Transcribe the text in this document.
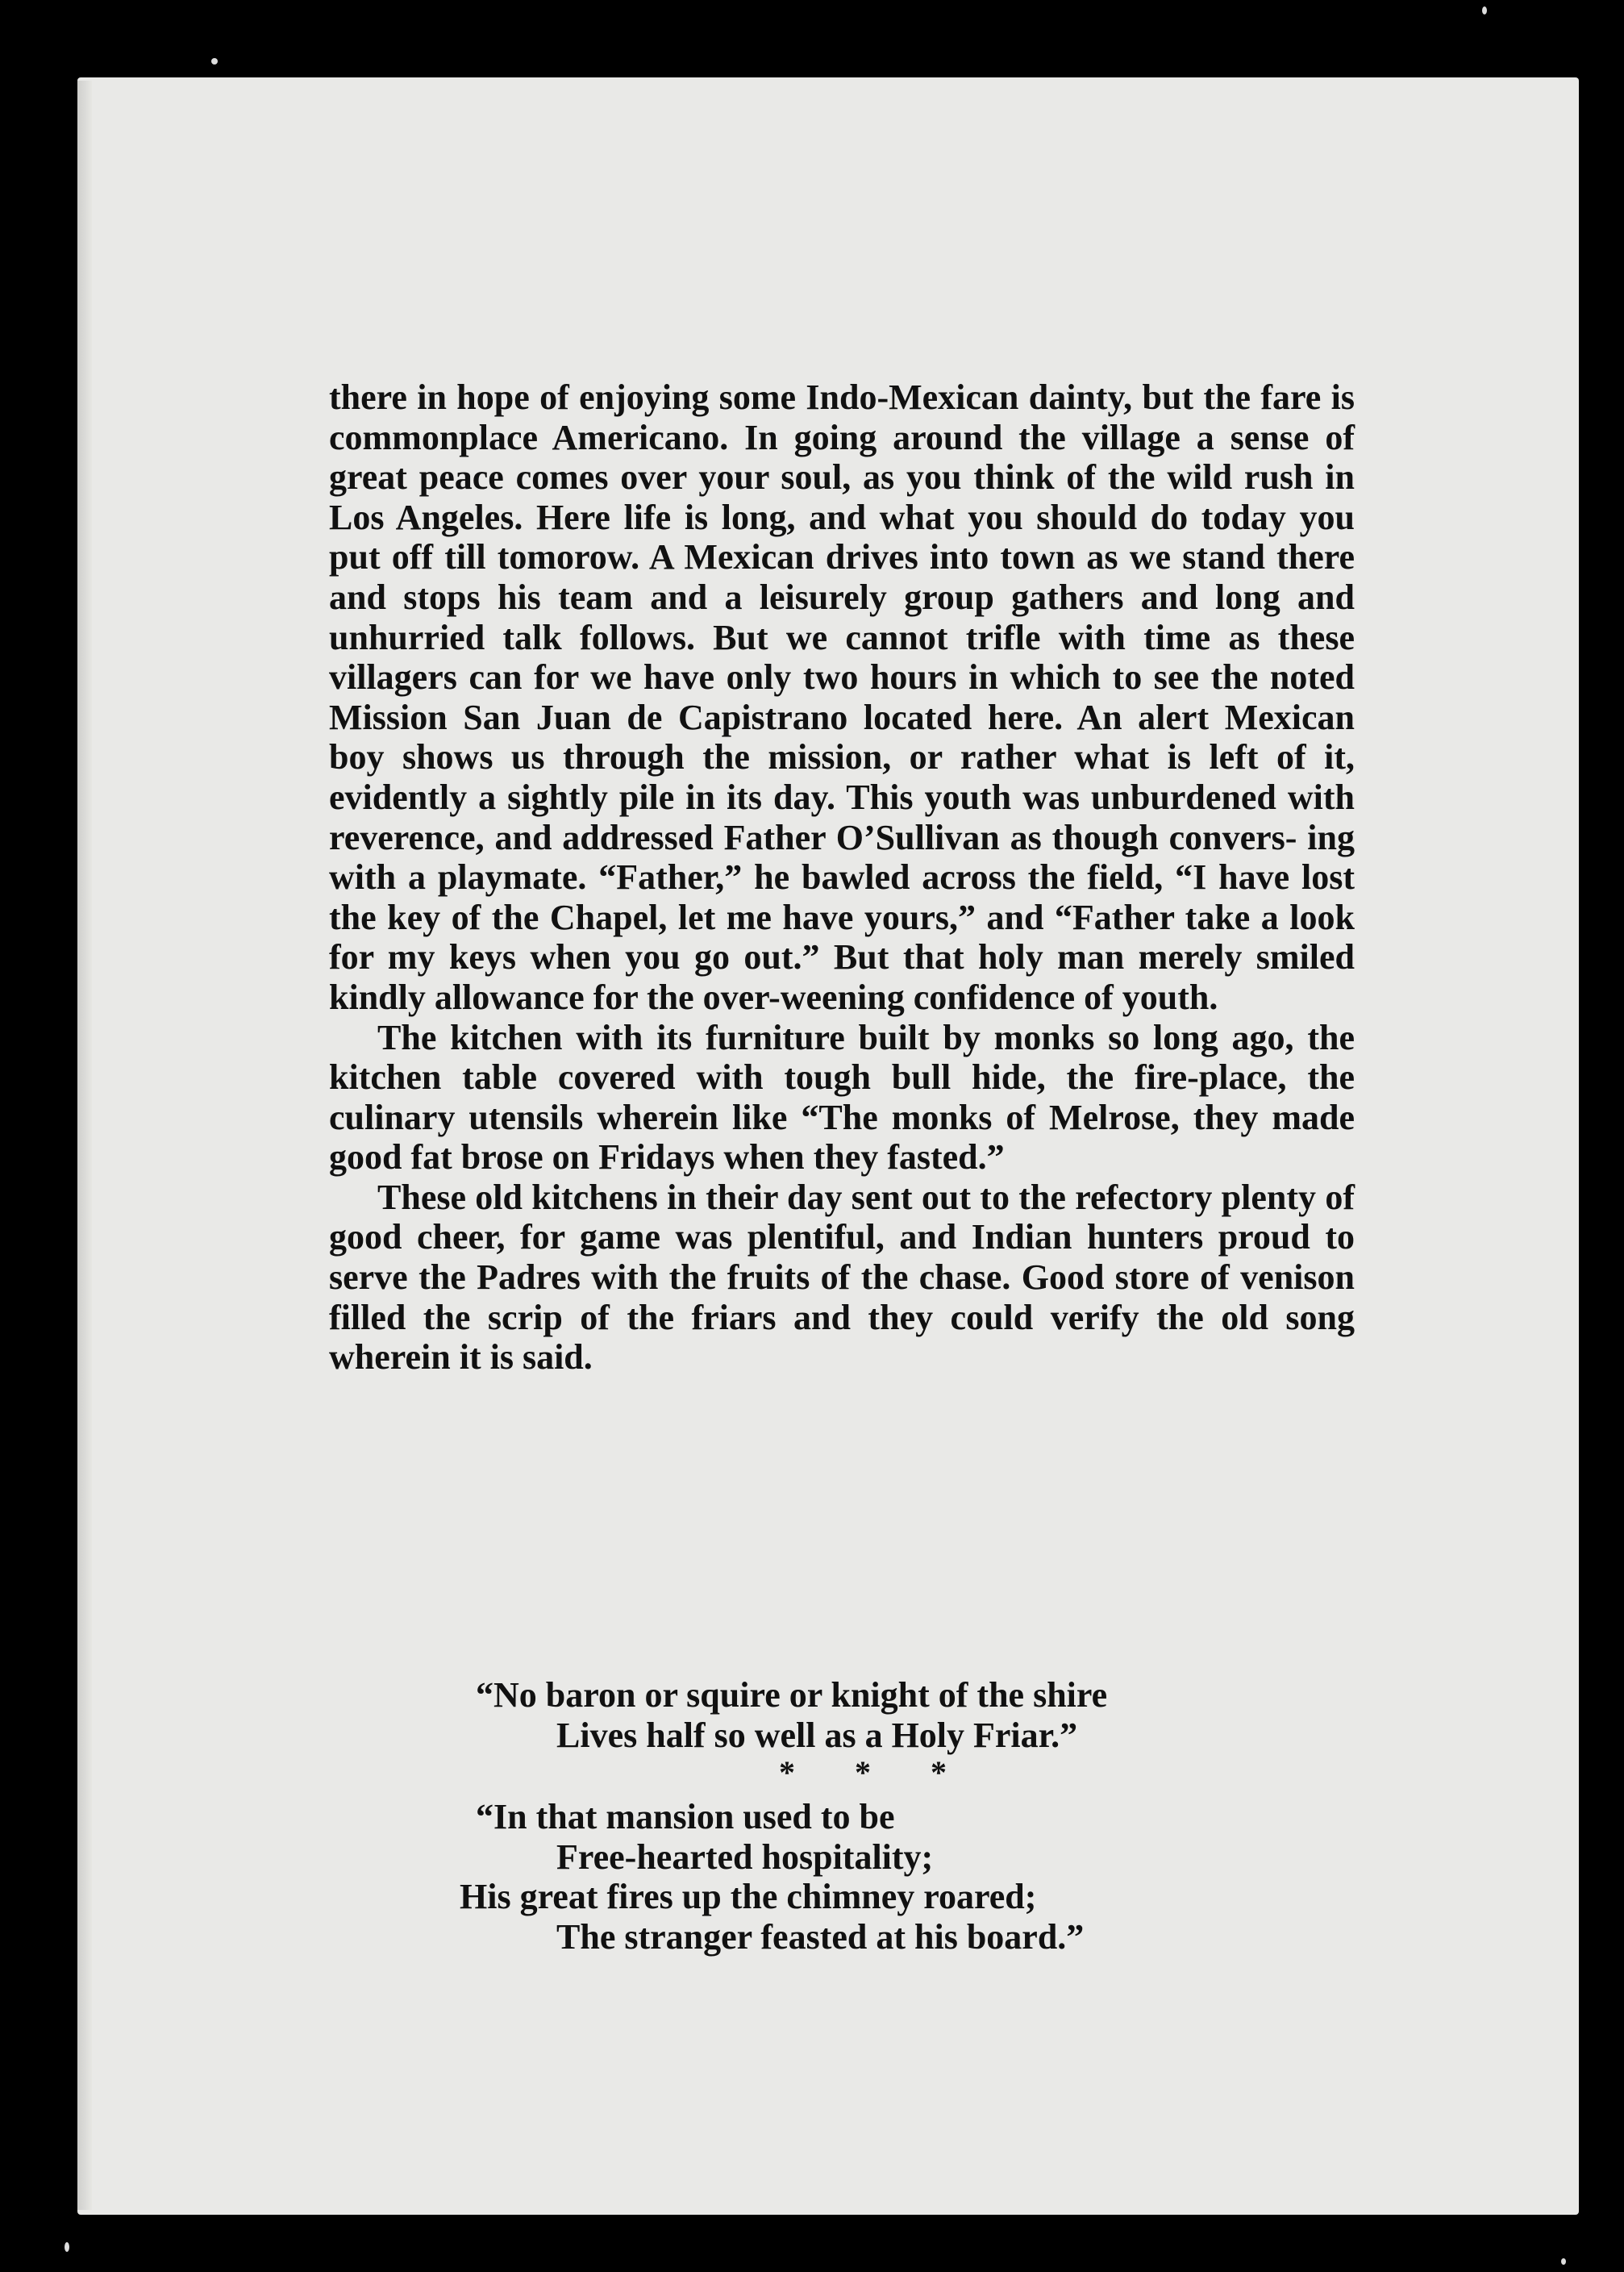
there in hope of enjoying some Indo-Mexican dainty, but the fare is commonplace Americano. In going around the village a sense of great peace comes over your soul, as you think of the wild rush in Los Angeles. Here life is long, and what you should do today you put off till tomorow. A Mexican drives into town as we stand there and stops his team and a leisurely group gathers and long and unhurried talk follows. But we cannot trifle with time as these villagers can for we have only two hours in which to see the noted Mission San Juan de Capistrano located here. An alert Mexican boy shows us through the mission, or rather what is left of it, evidently a sightly pile in its day. This youth was unburdened with reverence, and addressed Father O’Sullivan as though convers- ing with a playmate. “Father,” he bawled across the field, “I have lost the key of the Chapel, let me have yours,” and “Father take a look for my keys when you go out.” But that holy man merely smiled kindly allowance for the over-weening confidence of youth.

The kitchen with its furniture built by monks so long ago, the kitchen table covered with tough bull hide, the fire-place, the culinary utensils wherein like “The monks of Melrose, they made good fat brose on Fridays when they fasted.”

These old kitchens in their day sent out to the refectory plenty of good cheer, for game was plentiful, and Indian hunters proud to serve the Padres with the fruits of the chase. Good store of venison filled the scrip of the friars and they could verify the old song wherein it is said.

“No baron or squire or knight of the shire
Lives half so well as a Holy Friar.”
* * *
“In that mansion used to be
Free-hearted hospitality;
His great fires up the chimney roared;
The stranger feasted at his board.”
